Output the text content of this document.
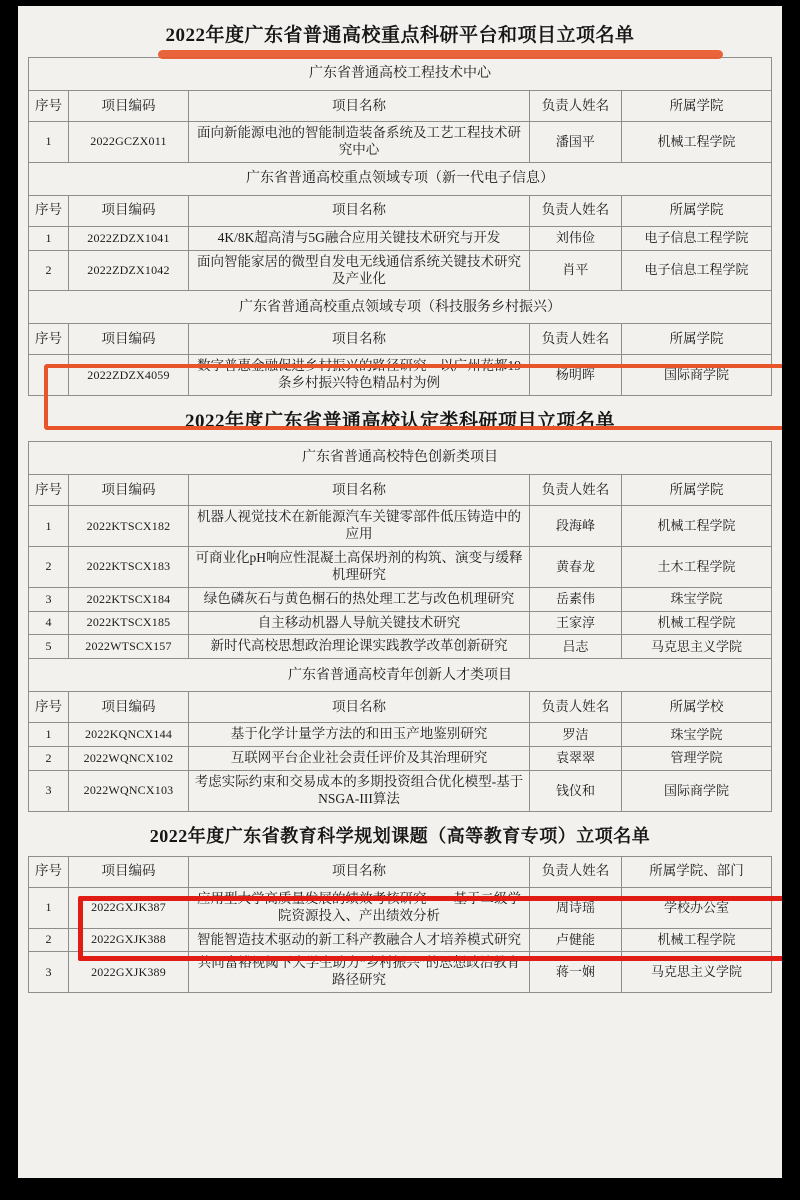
2022年度广东省普通高校重点科研平台和项目立项名单
广东省普通高校工程技术中心				
序号	项目编码	项目名称	负责人姓名	所属学院
1	2022GCZX011	面向新能源电池的智能制造装备系统及工艺工程技术研究中心	潘国平	机械工程学院
广东省普通高校重点领域专项（新一代电子信息）				
序号	项目编码	项目名称	负责人姓名	所属学院
1	2022ZDZX1041	4K/8K超高清与5G融合应用关键技术研究与开发	刘伟俭	电子信息工程学院
2	2022ZDZX1042	面向智能家居的微型自发电无线通信系统关键技术研究及产业化	肖平	电子信息工程学院
广东省普通高校重点领域专项（科技服务乡村振兴）				
序号	项目编码	项目名称	负责人姓名	所属学院
	2022ZDZX4059	数字普惠金融促进乡村振兴的路径研究—以广州花都19条乡村振兴特色精品村为例	杨明晖	国际商学院
2022年度广东省普通高校认定类科研项目立项名单
广东省普通高校特色创新类项目				
序号	项目编码	项目名称	负责人姓名	所属学院
1	2022KTSCX182	机器人视觉技术在新能源汽车关键零部件低压铸造中的应用	段海峰	机械工程学院
2	2022KTSCX183	可商业化pH响应性混凝土高保坍剂的构筑、演变与缓释机理研究	黄春龙	土木工程学院
3	2022KTSCX184	绿色磷灰石与黄色榍石的热处理工艺与改色机理研究	岳素伟	珠宝学院
4	2022KTSCX185	自主移动机器人导航关键技术研究	王家淳	机械工程学院
5	2022WTSCX157	新时代高校思想政治理论课实践教学改革创新研究	吕志	马克思主义学院
广东省普通高校青年创新人才类项目				
序号	项目编码	项目名称	负责人姓名	所属学校
1	2022KQNCX144	基于化学计量学方法的和田玉产地鉴别研究	罗洁	珠宝学院
2	2022WQNCX102	互联网平台企业社会责任评价及其治理研究	袁翠翠	管理学院
3	2022WQNCX103	考虑实际约束和交易成本的多期投资组合优化模型-基于NSGA-III算法	钱仪和	国际商学院
2022年度广东省教育科学规划课题（高等教育专项）立项名单
序号	项目编码	项目名称	负责人姓名	所属学院、部门
1	2022GXJK387	应用型大学高质量发展的绩效考核研究——基于二级学院资源投入、产出绩效分析	周诗瑶	学校办公室
2	2022GXJK388	智能智造技术驱动的新工科产教融合人才培养模式研究	卢健能	机械工程学院
3	2022GXJK389	共同富裕视阈下大学生助力“乡村振兴”的思想政治教育路径研究	蒋一娴	马克思主义学院
